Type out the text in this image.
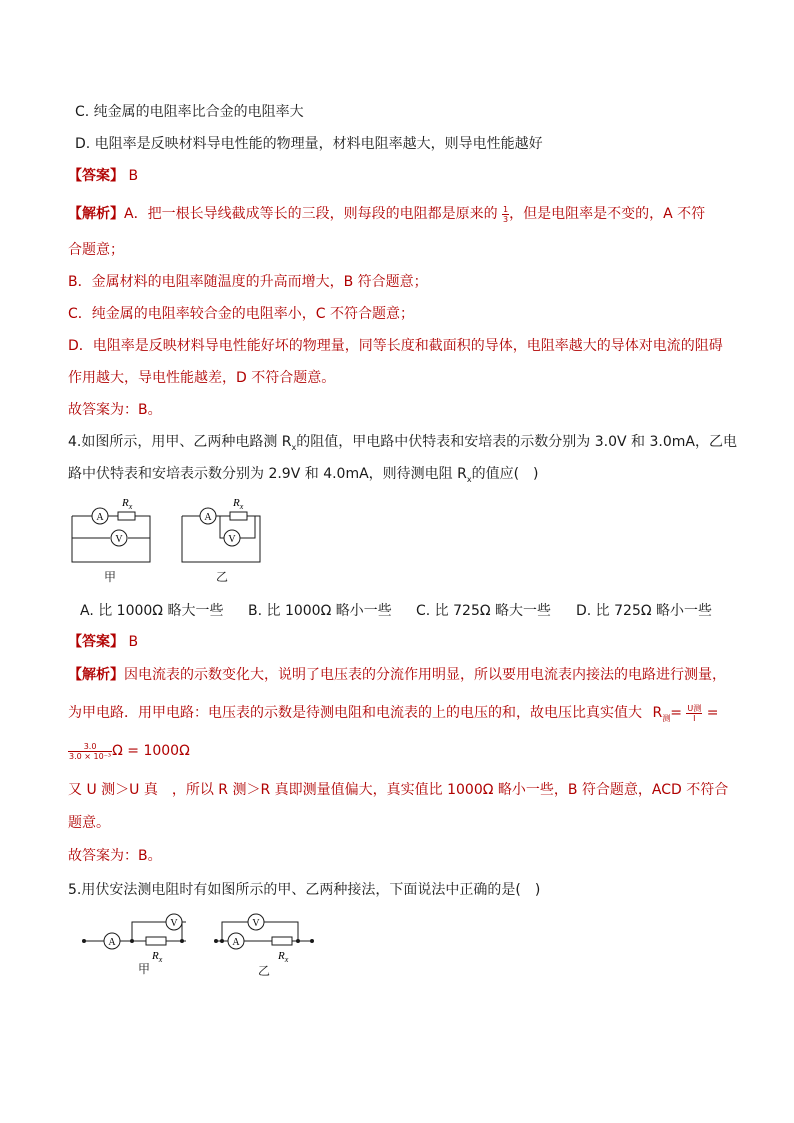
C. 纯金属的电阻率比合金的电阻率大
D. 电阻率是反映材料导电性能的物理量，材料电阻率越大，则导电性能越好
【答案】 B
【解析】A．把一根长导线截成等长的三段，则每段的电阻都是原来的 $\frac{1}{3}$ ，但是电阻率是不变的，A 不符
合题意；
B．金属材料的电阻率随温度的升高而增大，B 符合题意；
C．纯金属的电阻率较合金的电阻率小，C 不符合题意；
D．电阻率是反映材料导电性能好坏的物理量，同等长度和截面积的导体，电阻率越大的导体对电流的阻碍
作用越大，导电性能越差，D 不符合题意。
故答案为：B。
4.如图所示，用甲、乙两种电路测 $R_x$的阻值，甲电路中伏特表和安培表的示数分别为 3.0V 和 3.0mA，乙电
路中伏特表和安培表示数分别为 2.9V 和 4.0mA，则待测电阻 $R_x$的值应(　)
A
V
$R_x$
A
V
$R_x$
甲	乙
A. 比 1000Ω 略大一些 B. 比 1000Ω 略小一些 C. 比 725Ω 略大一些 D. 比 725Ω 略小一些
【答案】 B
【解析】因电流表的示数变化大，说明了电压表的分流作用明显，所以要用电流表内接法的电路进行测量，
为甲电路．用甲电路：电压表的示数是待测电阻和电流表的上的电压的和，故电压比真实值大 $R_测= \frac{\text{U测}}{I}$ =
$\frac{3.0}{\text{3.0 × 10⁻³}}$ Ω = 1000Ω
又 U 测＞U 真　，所以 R 测＞R 真即测量值偏大，真实值比 1000Ω 略小一些，B 符合题意，ACD 不符合
题意。
故答案为：B。
5.用伏安法测电阻时有如图所示的甲、乙两种接法，下面说法中正确的是(　)
A
V
$R_x$
A
V
$R_x$
甲	乙
